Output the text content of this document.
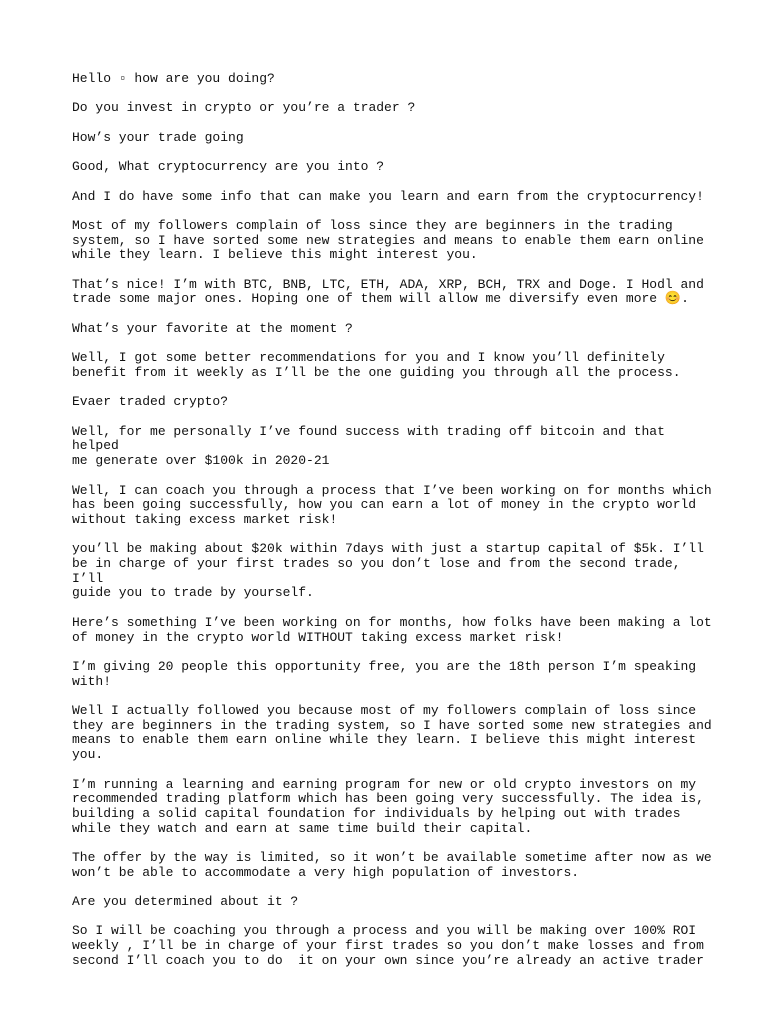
Hello ▫ how are you doing?

Do you invest in crypto or you’re a trader ?

How’s your trade going

Good, What cryptocurrency are you into ?

And I do have some info that can make you learn and earn from the cryptocurrency!

Most of my followers complain of loss since they are beginners in the trading
system, so I have sorted some new strategies and means to enable them earn online
while they learn. I believe this might interest you.

That’s nice! I’m with BTC, BNB, LTC, ETH, ADA, XRP, BCH, TRX and Doge. I Hodl and
trade some major ones. Hoping one of them will allow me diversify even more 😊.

What’s your favorite at the moment ?

Well, I got some better recommendations for you and I know you’ll definitely
benefit from it weekly as I’ll be the one guiding you through all the process.

Evaer traded crypto?

Well, for me personally I’ve found success with trading off bitcoin and that helped
me generate over $100k in 2020-21

Well, I can coach you through a process that I’ve been working on for months which
has been going successfully, how you can earn a lot of money in the crypto world
without taking excess market risk!

you’ll be making about $20k within 7days with just a startup capital of $5k. I’ll
be in charge of your first trades so you don’t lose and from the second trade, I’ll
guide you to trade by yourself.

Here’s something I’ve been working on for months, how folks have been making a lot
of money in the crypto world WITHOUT taking excess market risk!

I’m giving 20 people this opportunity free, you are the 18th person I’m speaking
with!

Well I actually followed you because most of my followers complain of loss since
they are beginners in the trading system, so I have sorted some new strategies and
means to enable them earn online while they learn. I believe this might interest
you.

I’m running a learning and earning program for new or old crypto investors on my
recommended trading platform which has been going very successfully. The idea is,
building a solid capital foundation for individuals by helping out with trades
while they watch and earn at same time build their capital.

The offer by the way is limited, so it won’t be available sometime after now as we
won’t be able to accommodate a very high population of investors.

Are you determined about it ?

So I will be coaching you through a process and you will be making over 100% ROI
weekly , I’ll be in charge of your first trades so you don’t make losses and from
second I’ll coach you to do  it on your own since you’re already an active trader
